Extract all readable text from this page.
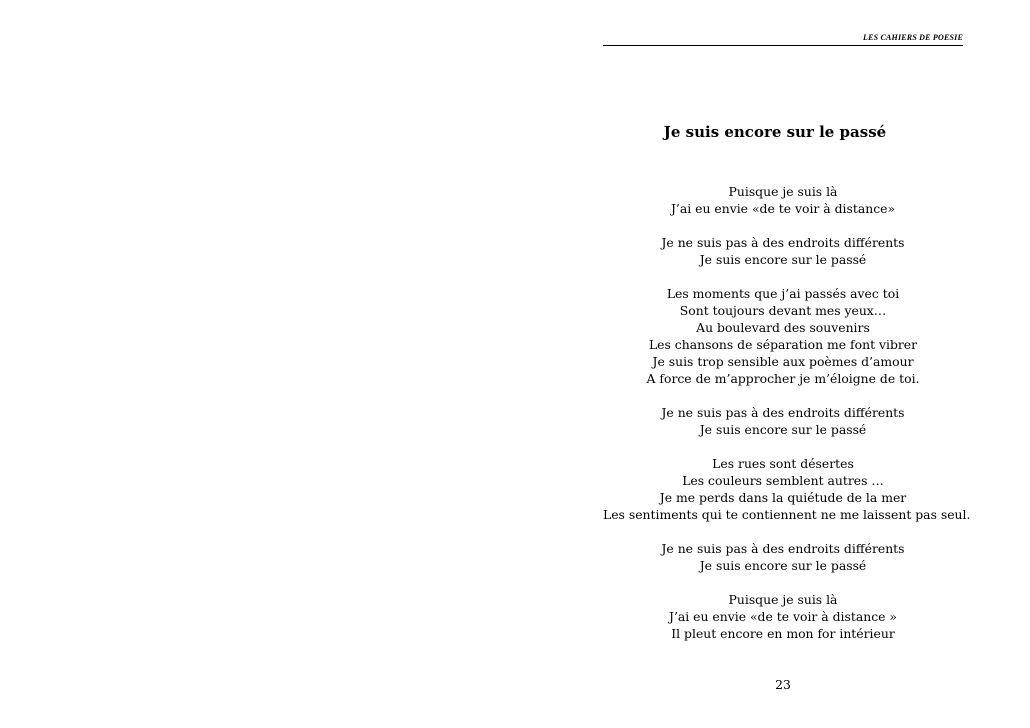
LES CAHIERS DE POESIE
Je suis encore sur le passé
Puisque je suis là
J’ai eu envie «de te voir à distance»
Je ne suis pas à des endroits différents
Je suis encore sur le passé
Les moments que j’ai passés avec toi
Sont toujours devant mes yeux…
Au boulevard des souvenirs
Les chansons de séparation me font vibrer
Je suis trop sensible aux poèmes d’amour
A force de m’approcher je m’éloigne de toi.
Je ne suis pas à des endroits différents
Je suis encore sur le passé
Les rues sont désertes
Les couleurs semblent autres …
Je me perds dans la quiétude de la mer
Les sentiments qui te contiennent ne me laissent pas seul.
Je ne suis pas à des endroits différents
Je suis encore sur le passé
Puisque je suis là
J’ai eu envie «de te voir à distance »
Il pleut encore en mon for intérieur
23
